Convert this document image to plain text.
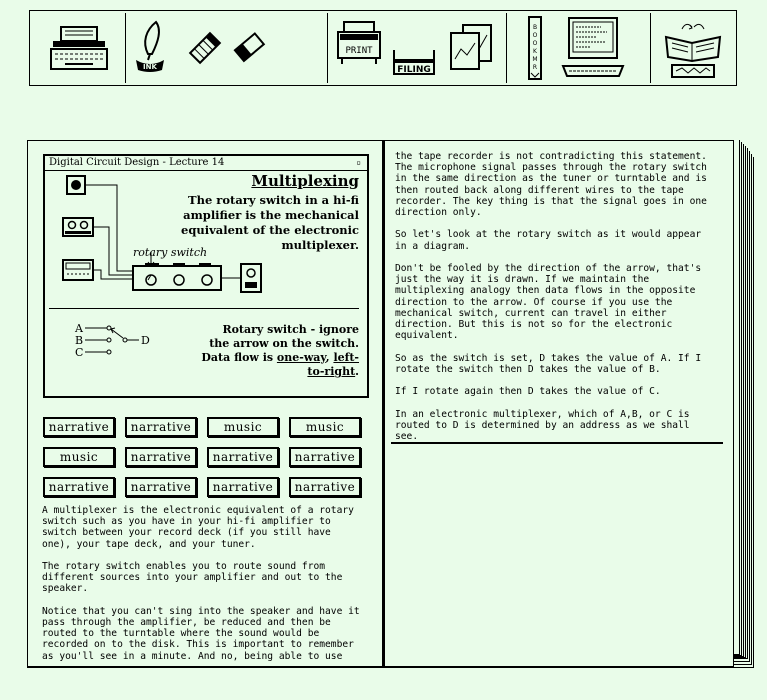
INK
PRINT
FILING
B
O
O
K
M
R
Digital Circuit Design - Lecture 14	▫
Multiplexing
The rotary switch in a hi-fi amplifier is the mechanical equivalent of the electronic multiplexer.
rotary switch
A
B
C
D
Rotary switch - ignore the arrow on the switch. Data flow is one-way, left-to-right.
narrative	narrative	music	music
music	narrative	narrative	narrative
narrative	narrative	narrative	narrative
A multiplexer is the electronic equivalent of a rotary
switch such as you have in your hi-fi amplifier to
switch between your record deck (if you still have
one), your tape deck, and your tuner.

The rotary switch enables you to route sound from
different sources into your amplifier and out to the
speaker.

Notice that you can't sing into the speaker and have it
pass through the amplifier, be reduced and then be
routed to the turntable where the sound would be
recorded on to the disk. This is important to remember
as you'll see in a minute. And no, being able to use
the tape recorder is not contradicting this statement.
The microphone signal passes through the rotary switch
in the same direction as the tuner or turntable and is
then routed back along different wires to the tape
recorder. The key thing is that the signal goes in one
direction only.

So let's look at the rotary switch as it would appear
in a diagram.

Don't be fooled by the direction of the arrow, that's
just the way it is drawn. If we maintain the
multiplexing analogy then data flows in the opposite
direction to the arrow. Of course if you use the
mechanical switch, current can travel in either
direction. But this is not so for the electronic
equivalent.

So as the switch is set, D takes the value of A. If I
rotate the switch then D takes the value of B.

If I rotate again then D takes the value of C.

In an electronic multiplexer, which of A,B, or C is
routed to D is determined by an address as we shall
see.
